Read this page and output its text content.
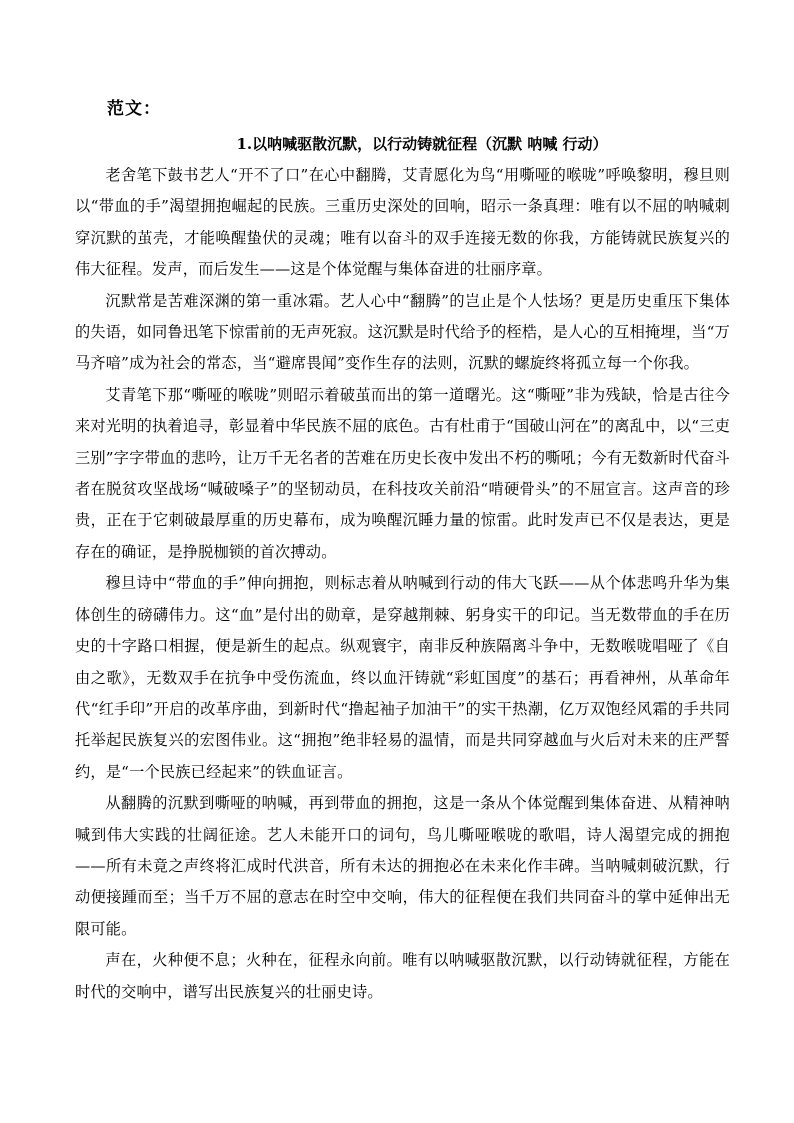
范文：
1.以呐喊驱散沉默，以行动铸就征程（沉默 呐喊 行动）

老舍笔下鼓书艺人“开不了口”在心中翻腾，艾青愿化为鸟“用嘶哑的喉咙”呼唤黎明，穆旦则以“带血的手”渴望拥抱崛起的民族。三重历史深处的回响，昭示一条真理：唯有以不屈的呐喊刺穿沉默的茧壳，才能唤醒蛰伏的灵魂；唯有以奋斗的双手连接无数的你我，方能铸就民族复兴的伟大征程。发声，而后发生——这是个体觉醒与集体奋进的壮丽序章。

沉默常是苦难深渊的第一重冰霜。艺人心中“翻腾”的岂止是个人怯场？更是历史重压下集体的失语，如同鲁迅笔下惊雷前的无声死寂。这沉默是时代给予的桎梏，是人心的互相掩埋，当“万马齐喑”成为社会的常态，当“避席畏闻”变作生存的法则，沉默的螺旋终将孤立每一个你我。

艾青笔下那“嘶哑的喉咙”则昭示着破茧而出的第一道曙光。这“嘶哑”非为残缺，恰是古往今来对光明的执着追寻，彰显着中华民族不屈的底色。古有杜甫于“国破山河在”的离乱中，以“三吏三别”字字带血的悲吟，让万千无名者的苦难在历史长夜中发出不朽的嘶吼；今有无数新时代奋斗者在脱贫攻坚战场“喊破嗓子”的坚韧动员，在科技攻关前沿“啃硬骨头”的不屈宣言。这声音的珍贵，正在于它刺破最厚重的历史幕布，成为唤醒沉睡力量的惊雷。此时发声已不仅是表达，更是存在的确证，是挣脱枷锁的首次搏动。

穆旦诗中“带血的手”伸向拥抱，则标志着从呐喊到行动的伟大飞跃——从个体悲鸣升华为集体创生的磅礴伟力。这“血”是付出的勋章，是穿越荆棘、躬身实干的印记。当无数带血的手在历史的十字路口相握，便是新生的起点。纵观寰宇，南非反种族隔离斗争中，无数喉咙唱哑了《自由之歌》，无数双手在抗争中受伤流血，终以血汗铸就“彩虹国度”的基石；再看神州，从革命年代“红手印”开启的改革序曲，到新时代“撸起袖子加油干”的实干热潮，亿万双饱经风霜的手共同托举起民族复兴的宏图伟业。这“拥抱”绝非轻易的温情，而是共同穿越血与火后对未来的庄严誓约，是“一个民族已经起来”的铁血证言。

从翻腾的沉默到嘶哑的呐喊，再到带血的拥抱，这是一条从个体觉醒到集体奋进、从精神呐喊到伟大实践的壮阔征途。艺人未能开口的词句，鸟儿嘶哑喉咙的歌唱，诗人渴望完成的拥抱——所有未竟之声终将汇成时代洪音，所有未达的拥抱必在未来化作丰碑。当呐喊刺破沉默，行动便接踵而至；当千万不屈的意志在时空中交响，伟大的征程便在我们共同奋斗的掌中延伸出无限可能。

声在，火种便不息；火种在，征程永向前。唯有以呐喊驱散沉默，以行动铸就征程，方能在时代的交响中，谱写出民族复兴的壮丽史诗。
